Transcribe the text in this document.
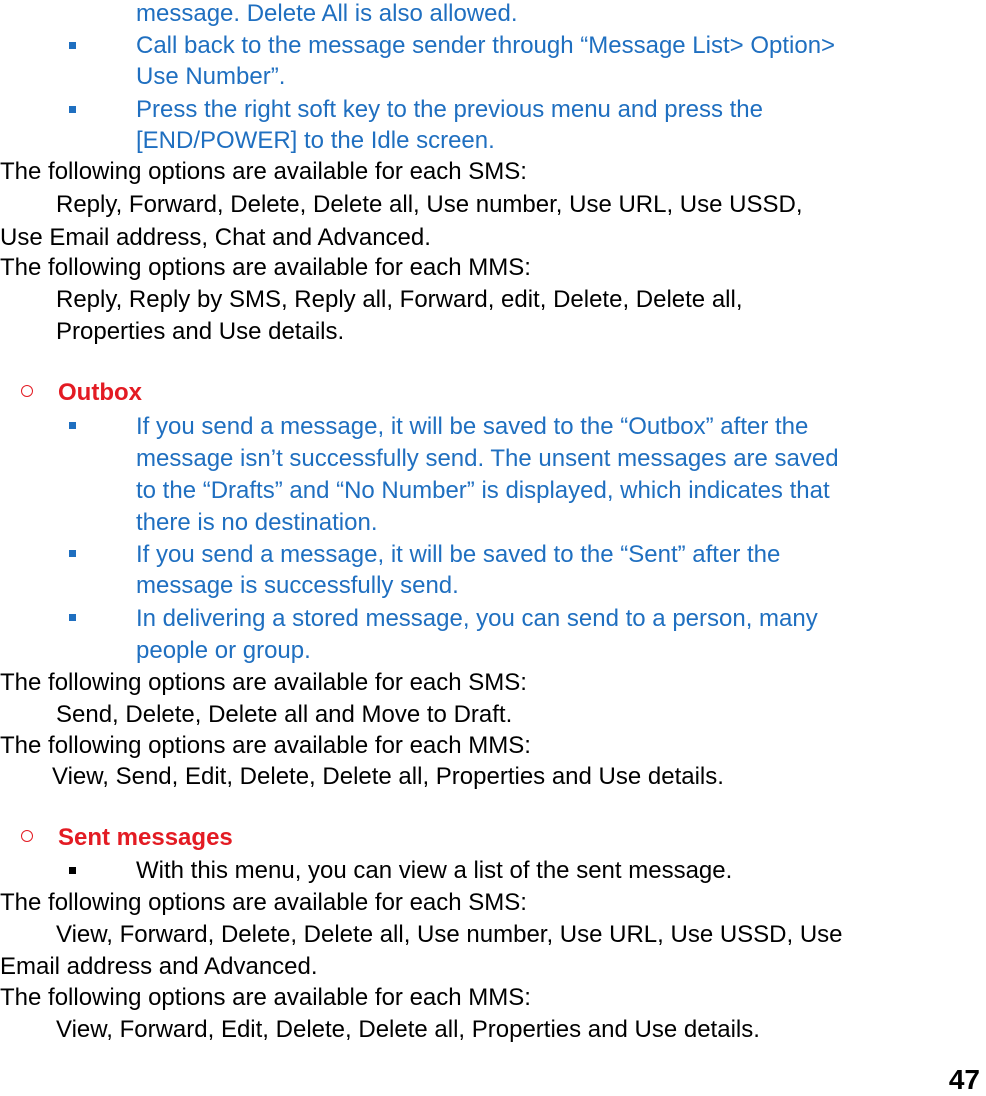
message. Delete All is also allowed.
Call back to the message sender through “Message List> Option>
Use Number”.
Press the right soft key to the previous menu and press the
[END/POWER] to the Idle screen.
The following options are available for each SMS:
Reply, Forward, Delete, Delete all, Use number, Use URL, Use USSD,
Use Email address, Chat and Advanced.
The following options are available for each MMS:
Reply, Reply by SMS, Reply all, Forward, edit, Delete, Delete all,
Properties and Use details.
Outbox
If you send a message, it will be saved to the “Outbox” after the
message isn’t successfully send. The unsent messages are saved
to the “Drafts” and “No Number” is displayed, which indicates that
there is no destination.
If you send a message, it will be saved to the “Sent” after the
message is successfully send.
In delivering a stored message, you can send to a person, many
people or group.
The following options are available for each SMS:
Send, Delete, Delete all and Move to Draft.
The following options are available for each MMS:
View, Send, Edit, Delete, Delete all, Properties and Use details.
Sent messages
With this menu, you can view a list of the sent message.
The following options are available for each SMS:
View, Forward, Delete, Delete all, Use number, Use URL, Use USSD, Use
Email address and Advanced.
The following options are available for each MMS:
View, Forward, Edit, Delete, Delete all, Properties and Use details.
47
